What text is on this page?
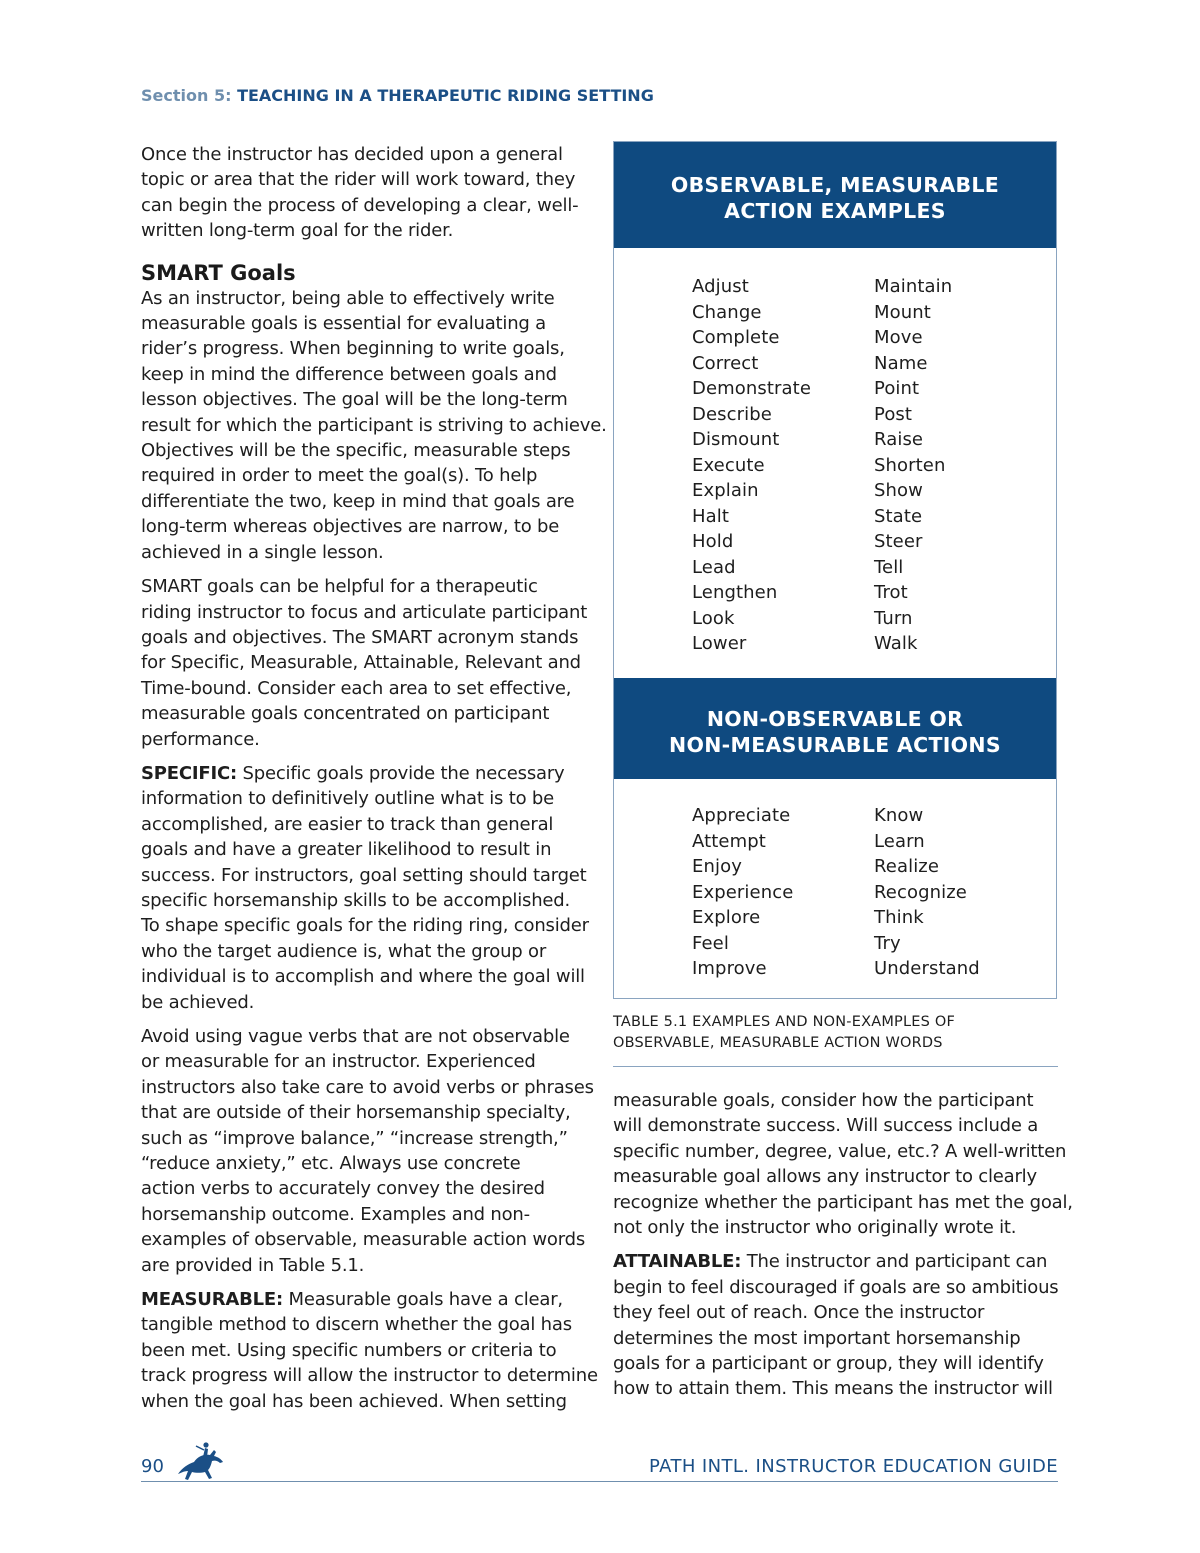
Section 5: TEACHING IN A THERAPEUTIC RIDING SETTING

Once the instructor has decided upon a general
topic or area that the rider will work toward, they
can begin the process of developing a clear, well-
written long-term goal for the rider.

SMART Goals

As an instructor, being able to effectively write
measurable goals is essential for evaluating a
rider’s progress. When beginning to write goals,
keep in mind the difference between goals and
lesson objectives. The goal will be the long-term
result for which the participant is striving to achieve.
Objectives will be the specific, measurable steps
required in order to meet the goal(s). To help
differentiate the two, keep in mind that goals are
long-term whereas objectives are narrow, to be
achieved in a single lesson.

SMART goals can be helpful for a therapeutic
riding instructor to focus and articulate participant
goals and objectives. The SMART acronym stands
for Specific, Measurable, Attainable, Relevant and
Time-bound. Consider each area to set effective,
measurable goals concentrated on participant
performance.

SPECIFIC: Specific goals provide the necessary
information to definitively outline what is to be
accomplished, are easier to track than general
goals and have a greater likelihood to result in
success. For instructors, goal setting should target
specific horsemanship skills to be accomplished.
To shape specific goals for the riding ring, consider
who the target audience is, what the group or
individual is to accomplish and where the goal will
be achieved.

Avoid using vague verbs that are not observable
or measurable for an instructor. Experienced
instructors also take care to avoid verbs or phrases
that are outside of their horsemanship specialty,
such as “improve balance,” “increase strength,”
“reduce anxiety,” etc. Always use concrete
action verbs to accurately convey the desired
horsemanship outcome. Examples and non-
examples of observable, measurable action words
are provided in Table 5.1.

MEASURABLE: Measurable goals have a clear,
tangible method to discern whether the goal has
been met. Using specific numbers or criteria to
track progress will allow the instructor to determine
when the goal has been achieved. When setting

OBSERVABLE, MEASURABLE
ACTION EXAMPLES
Adjust
Change
Complete
Correct
Demonstrate
Describe
Dismount
Execute
Explain
Halt
Hold
Lead
Lengthen
Look
Lower
Maintain
Mount
Move
Name
Point
Post
Raise
Shorten
Show
State
Steer
Tell
Trot
Turn
Walk
NON-OBSERVABLE OR
NON-MEASURABLE ACTIONS
Appreciate
Attempt
Enjoy
Experience
Explore
Feel
Improve
Know
Learn
Realize
Recognize
Think
Try
Understand
TABLE 5.1 EXAMPLES AND NON-EXAMPLES OF
OBSERVABLE, MEASURABLE ACTION WORDS

measurable goals, consider how the participant
will demonstrate success. Will success include a
specific number, degree, value, etc.? A well-written
measurable goal allows any instructor to clearly
recognize whether the participant has met the goal,
not only the instructor who originally wrote it.

ATTAINABLE: The instructor and participant can
begin to feel discouraged if goals are so ambitious
they feel out of reach. Once the instructor
determines the most important horsemanship
goals for a participant or group, they will identify
how to attain them. This means the instructor will

90	PATH INTL. INSTRUCTOR EDUCATION GUIDE
